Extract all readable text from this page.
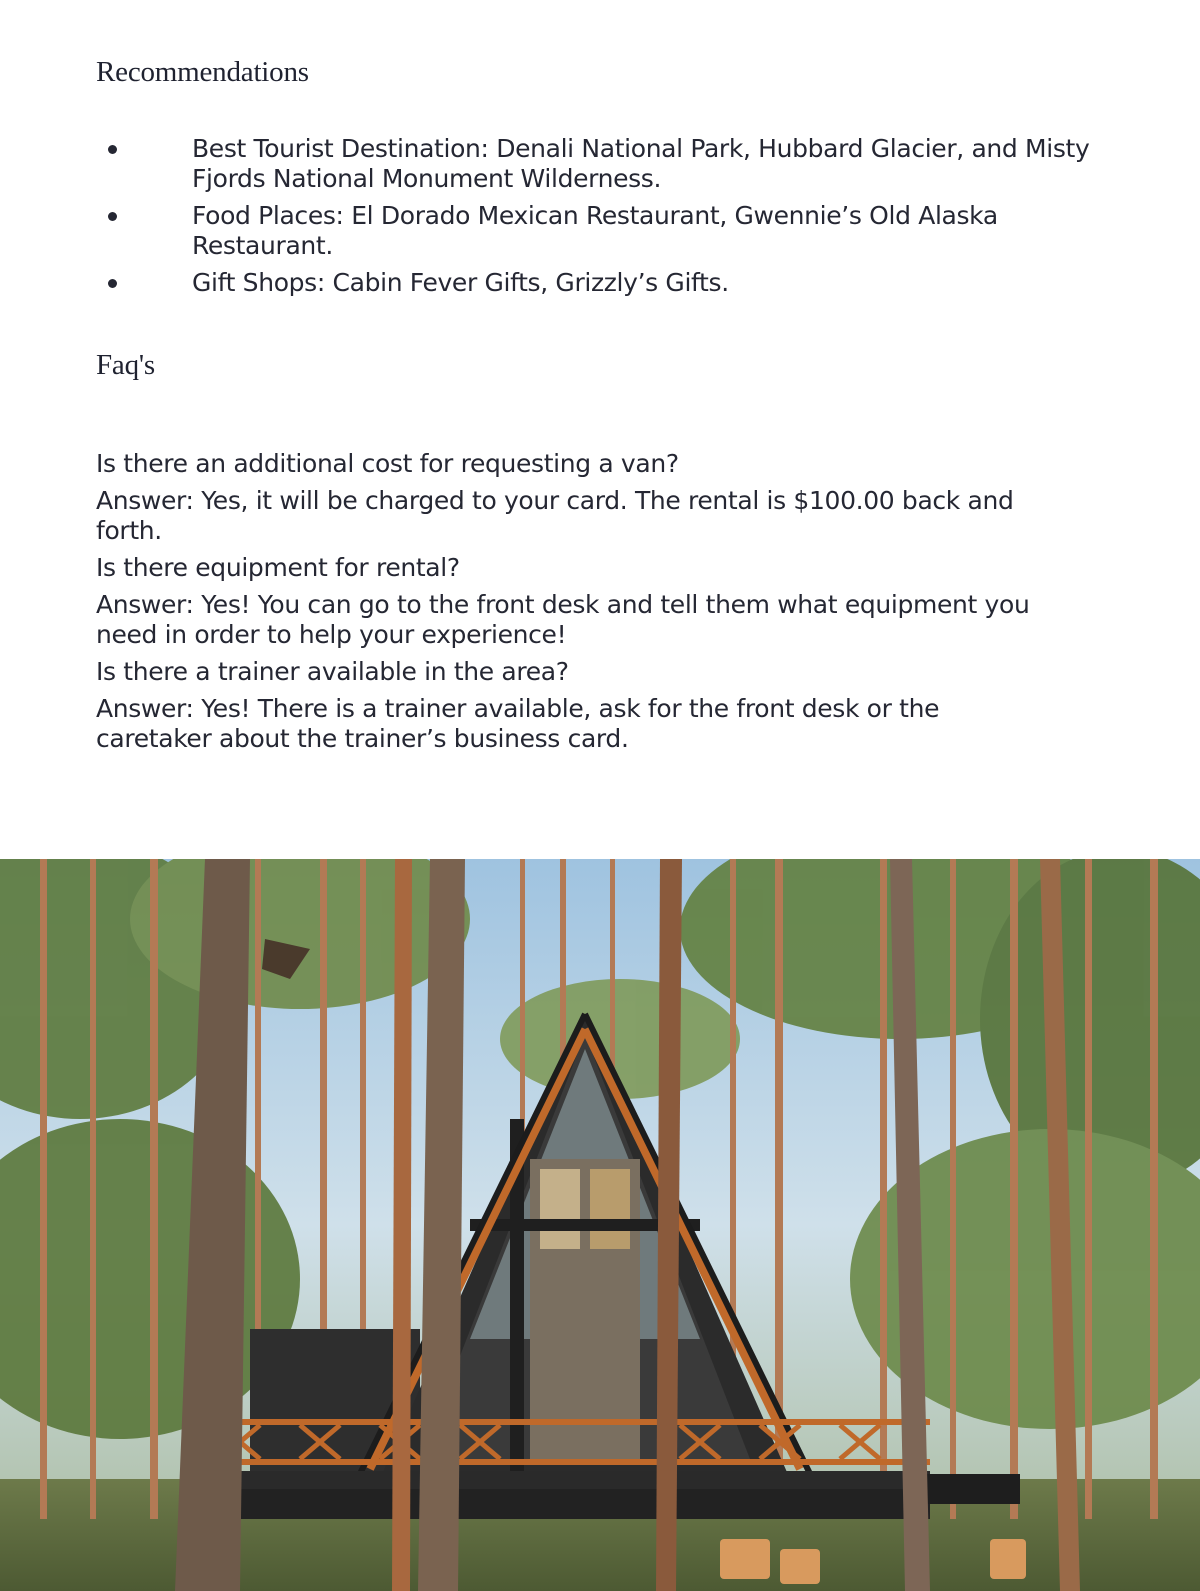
Recommendations
Best Tourist Destination: Denali National Park, Hubbard Glacier, and Misty Fjords National Monument Wilderness.
Food Places: El Dorado Mexican Restaurant, Gwennie’s Old Alaska Restaurant.
Gift Shops: Cabin Fever Gifts, Grizzly’s Gifts.
Faq's

Is there an additional cost for requesting a van?

Answer: Yes, it will be charged to your card. The rental is $100.00 back and forth.

Is there equipment for rental?

Answer: Yes! You can go to the front desk and tell them what equipment you need in order to help your experience!

Is there a trainer available in the area?

Answer: Yes! There is a trainer available, ask for the front desk or the caretaker about the trainer’s business card.
